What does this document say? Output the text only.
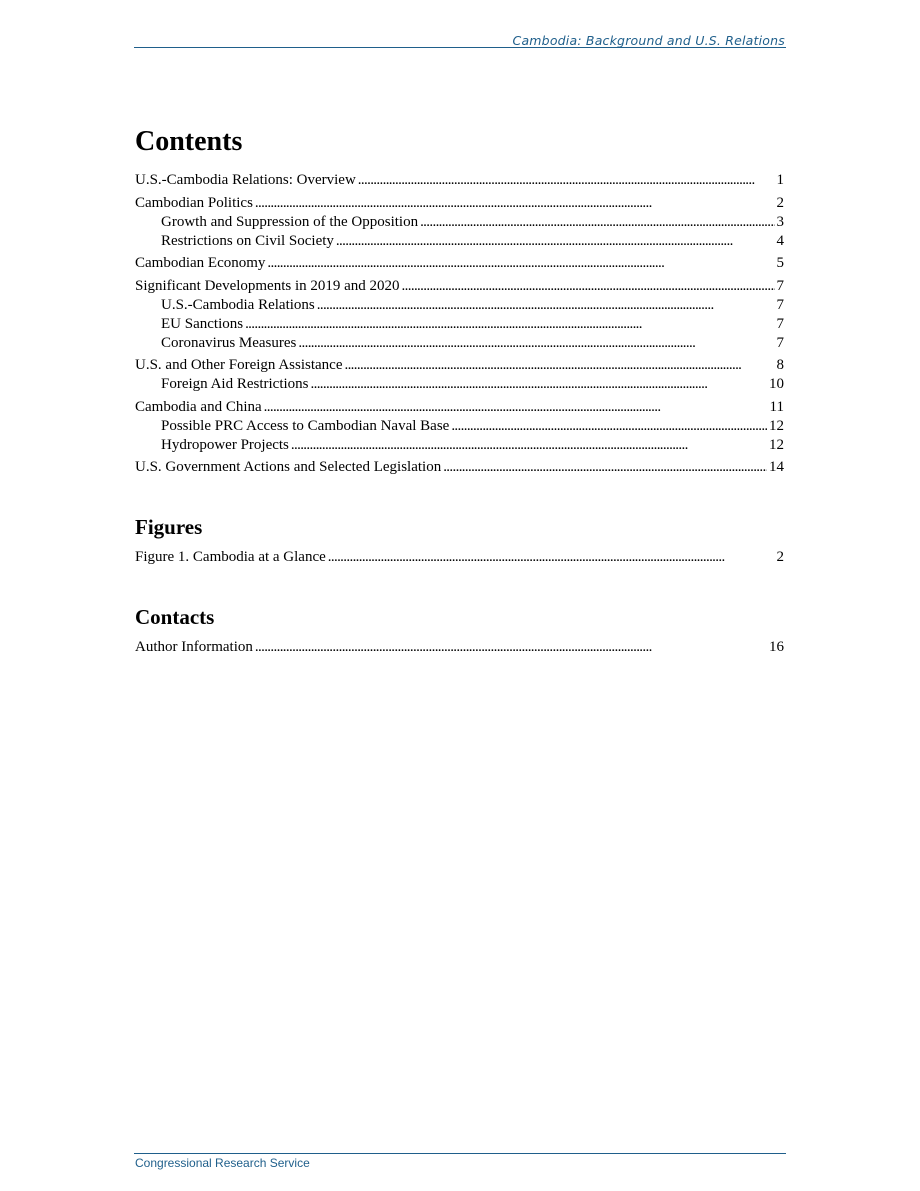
Cambodia: Background and U.S. Relations
Contents
U.S.-Cambodia Relations: Overview . . .	1
Cambodian Politics . . .	2
Growth and Suppression of the Opposition . . .	3
Restrictions on Civil Society . . .	4
Cambodian Economy . . .	5
Significant Developments in 2019 and 2020 . . .	7
U.S.-Cambodia Relations . . .	7
EU Sanctions . . .	7
Coronavirus Measures . . .	7
U.S. and Other Foreign Assistance . . .	8
Foreign Aid Restrictions . . .	10
Cambodia and China . . .	11
Possible PRC Access to Cambodian Naval Base . . .	12
Hydropower Projects . . .	12
U.S. Government Actions and Selected Legislation . . .	14
Figures
Figure 1. Cambodia at a Glance . . .	2
Contacts
Author Information . . .	16
Congressional Research Service
